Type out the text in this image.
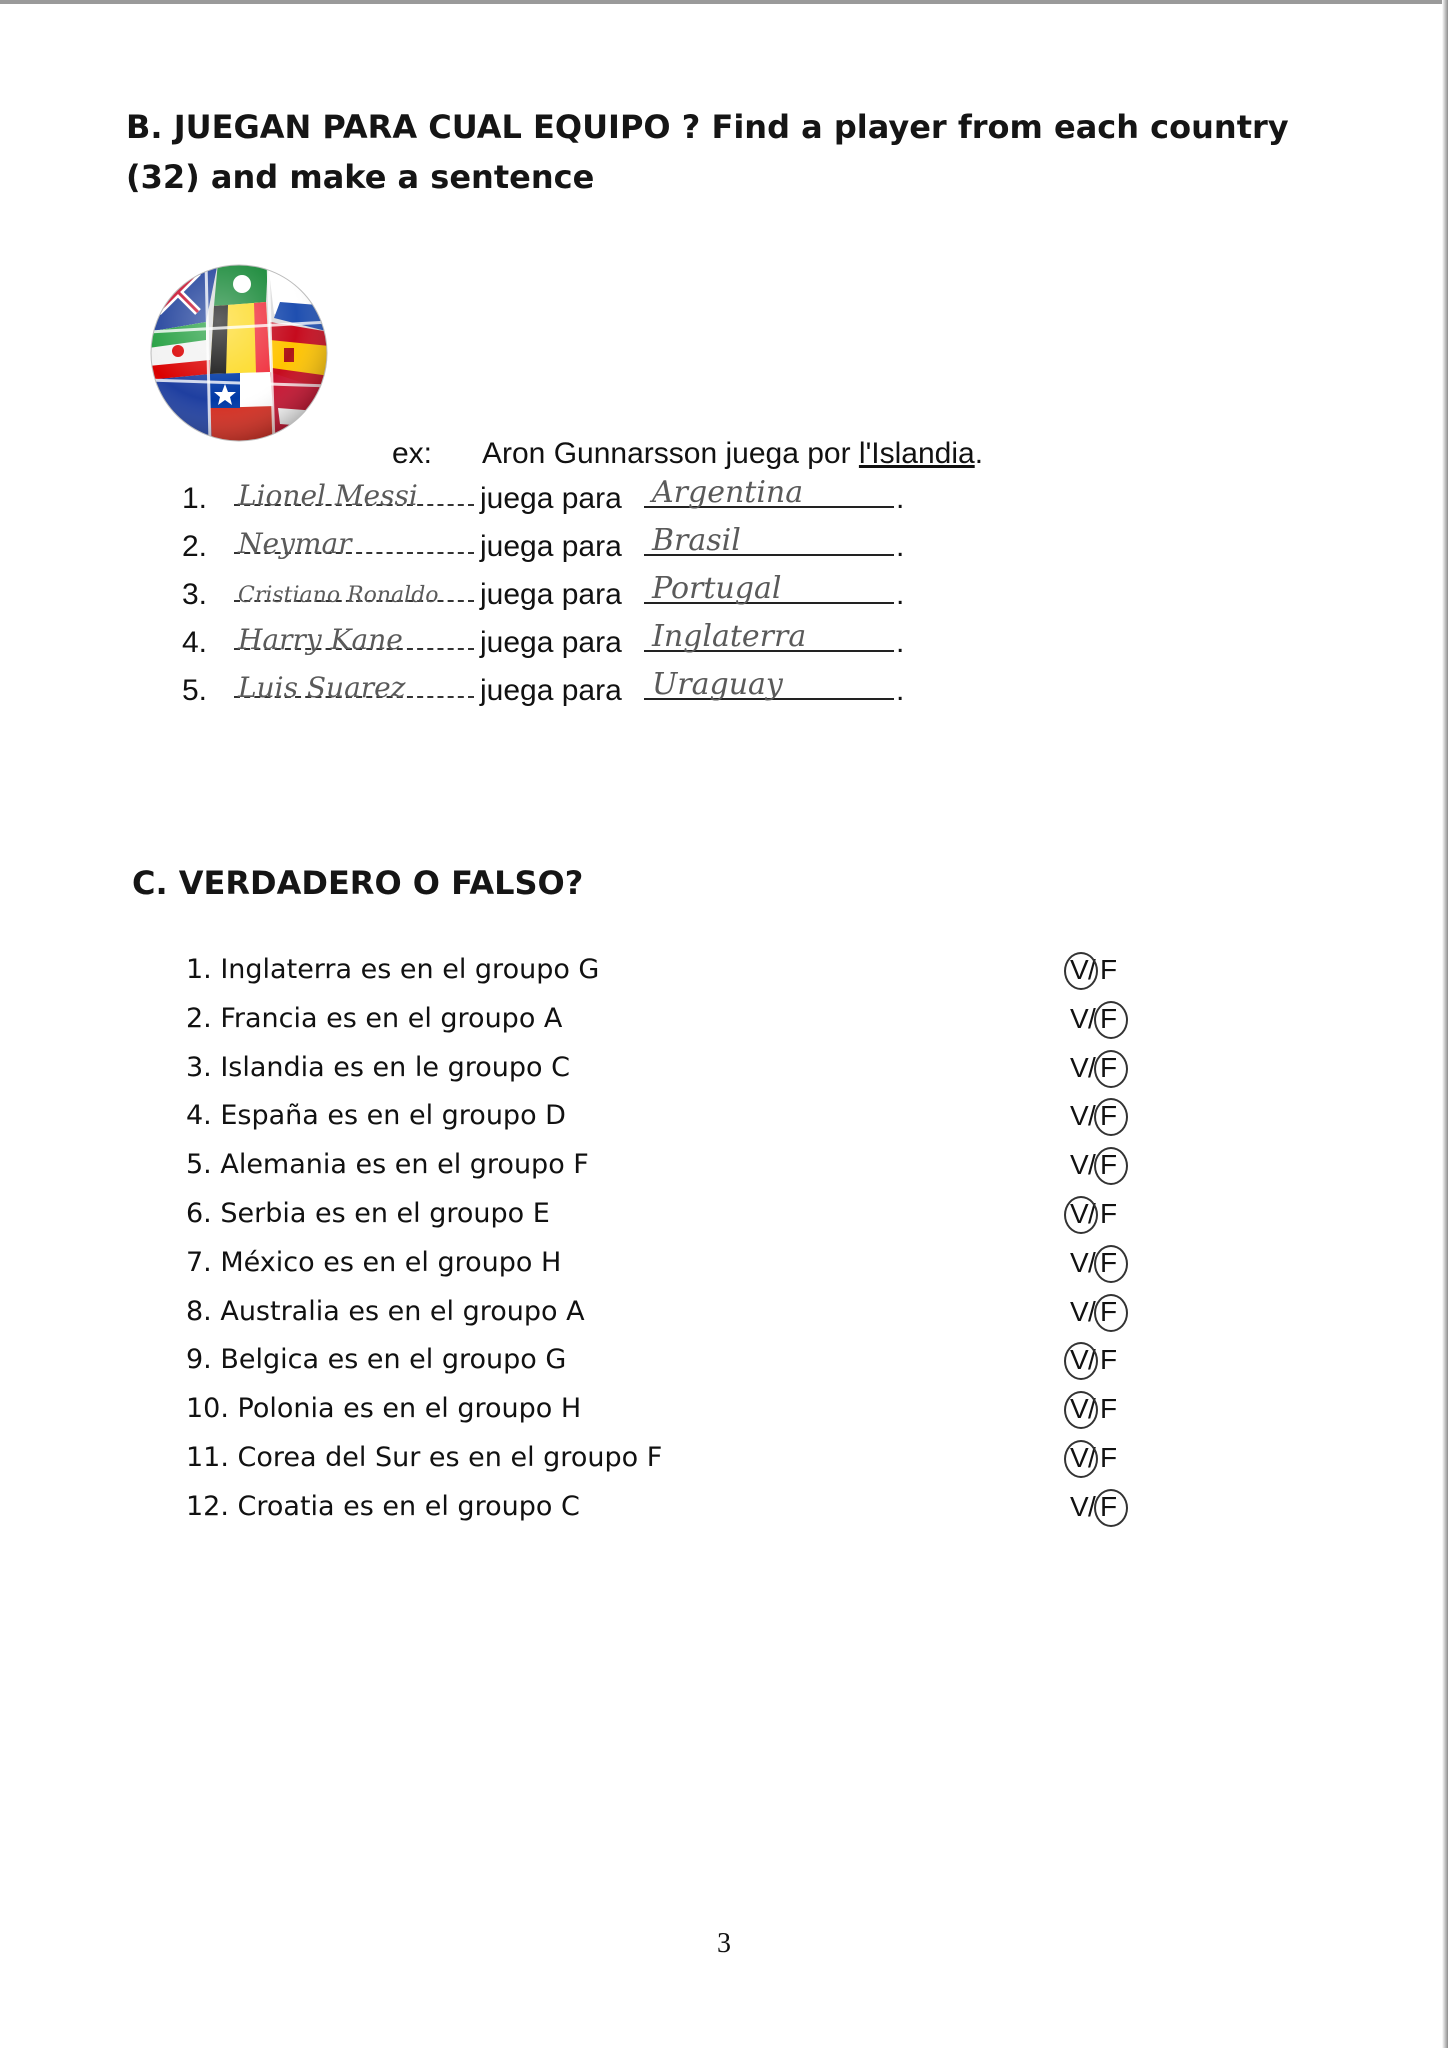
B. JUEGAN PARA CUAL EQUIPO ? Find a player from each country (32) and make a sentence
ex: Aron Gunnarsson juega por l'Islandia.
1. Lionel Messi	juega para Argentina	.
2. Neymar	juega para Brasil	.
3. Cristiano Ronaldo	juega para Portugal	.
4. Harry Kane	juega para Inglaterra	.
5. Luis Suarez	juega para Uraguay	.
C. VERDADERO O FALSO?
1. Inglaterra es en el groupo G	V / F
2. Francia es en el groupo A	V / F
3. Islandia es en le groupo C	V / F
4. España es en el groupo D	V / F
5. Alemania es en el groupo F	V / F
6. Serbia es en el groupo E	V / F
7. México es en el groupo H	V / F
8. Australia es en el groupo A	V / F
9. Belgica es en el groupo G	V / F
10. Polonia es en el groupo H	V / F
11. Corea del Sur es en el groupo F	V / F
12. Croatia es en el groupo C	V / F
3
